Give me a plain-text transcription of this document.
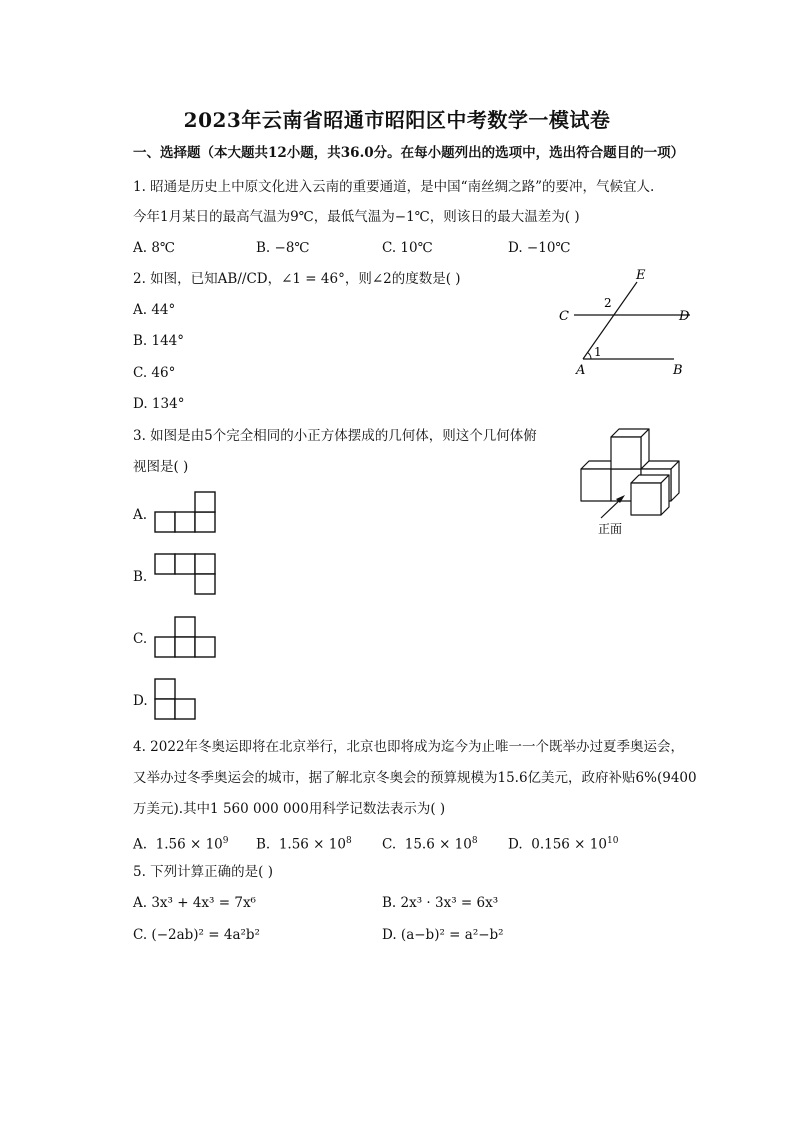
2023年云南省昭通市昭阳区中考数学一模试卷
一、选择题（本大题共12小题，共36.0分。在每小题列出的选项中，选出符合题目的一项）
1. 昭通是历史上中原文化进入云南的重要通道，是中国“南丝绸之路”的要冲，气候宜人.
今年1月某日的最高气温为9℃，最低气温为−1℃，则该日的最大温差为( )
A. 8℃	B. −8℃	C. 10℃	D. −10℃
2. 如图，已知AB//CD，∠1 = 46°，则∠2的度数是( )
A. 44°
B. 144°
C. 46°
D. 134°
E
C	D
A	B
1
2
3. 如图是由5个完全相同的小正方体摆成的几何体，则这个几何体俯
视图是( )
正面
A.
B.
C.
D.
4. 2022年冬奥运即将在北京举行，北京也即将成为迄今为止唯一一个既举办过夏季奥运会，
又举办过冬季奥运会的城市，据了解北京冬奥会的预算规模为15.6亿美元，政府补贴6%(9400
万美元).其中1 560 000 000用科学记数法表示为( )
A. $1.56 \times 10^9$ B. $1.56 \times 10^8$ C. $15.6 \times 10^8$ D. $0.156 \times 10^{10}$
5. 下列计算正确的是( )
A. 3x³ + 4x³ = 7x⁶	B. 2x³ · 3x³ = 6x³
C. (−2ab)² = 4a²b²	D. (a−b)² = a²−b²
